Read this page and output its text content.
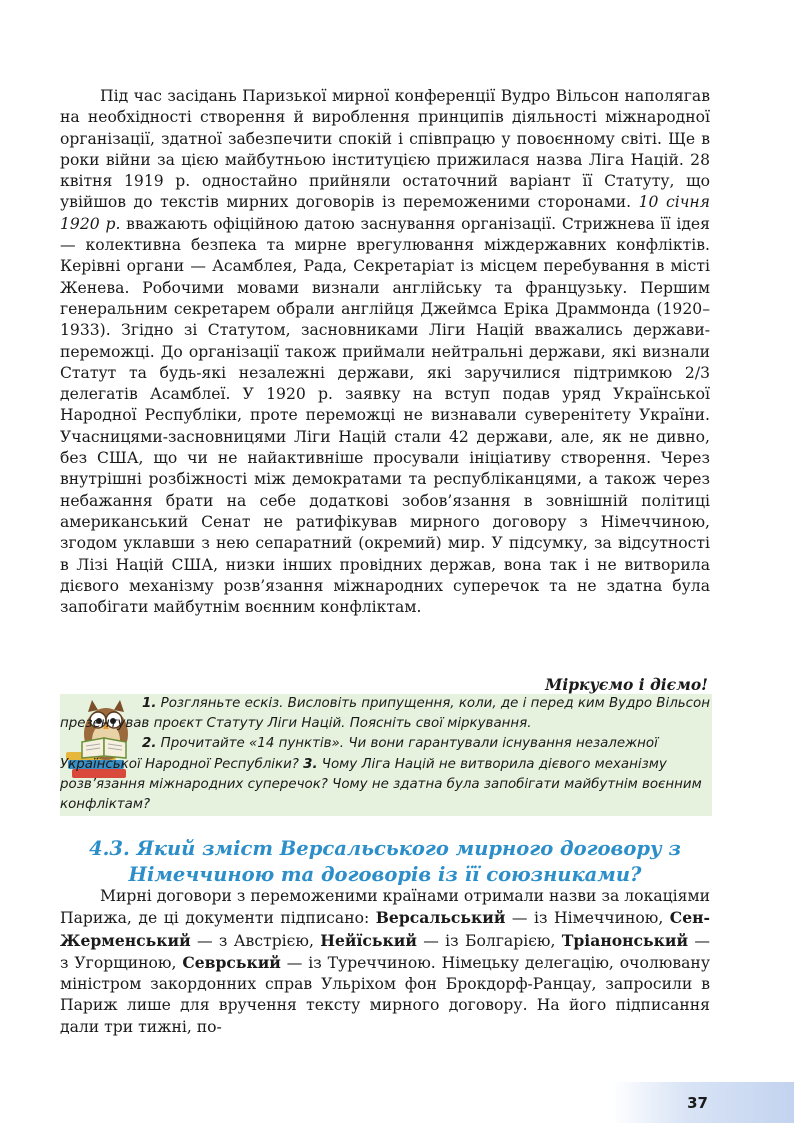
Під час засідань Паризької мирної конференції Вудро Вільсон наполягав на необхідності створення й вироблення принципів діяльності міжнародної організації, здатної забезпечити спокій і співпрацю у повоєнному світі. Ще в роки війни за цією майбутньою інституцією прижилася назва Ліга Націй. 28 квітня 1919 р. одностайно прийняли остаточний варіант її Статуту, що увійшов до текстів мирних договорів із переможеними сторонами. 10 січня 1920 р. вважають офіційною датою заснування організації. Стрижнева її ідея — колективна безпека та мирне врегулювання міждержавних конфліктів. Керівні органи — Асамблея, Рада, Секретаріат із місцем перебування в місті Женева. Робочими мовами визнали англійську та французьку. Першим генеральним секретарем обрали англійця Джеймса Еріка Драммонда (1920–1933). Згідно зі Статутом, засновниками Ліги Націй вважались держави-переможці. До організації також приймали нейтральні держави, які визнали Статут та будь-які незалежні держави, які заручилися підтримкою 2/3 делегатів Асамблеї. У 1920 р. заявку на вступ подав уряд Української Народної Республіки, проте переможці не визнавали суверенітету України. Учасницями-засновницями Ліги Націй стали 42 держави, але, як не дивно, без США, що чи не найактивніше просували ініціативу створення. Через внутрішні розбіжності між демократами та республіканцями, а також через небажання брати на себе додаткові зобов’язання в зовнішній політиці американський Сенат не ратифікував мирного договору з Німеччиною, згодом уклавши з нею сепаратний (окремий) мир. У підсумку, за відсутності в Лізі Націй США, низки інших провідних держав, вона так і не витворила дієвого механізму розв’язання міжнародних суперечок та не здатна була запобігати майбутнім воєнним конфліктам.

Міркуємо і діємо!
1. Розгляньте ескіз. Висловіть припущення, коли, де і перед ким Вудро Вільсон презентував проєкт Статуту Ліги Націй. Поясніть свої міркування.
2. Прочитайте «14 пунктів». Чи вони гарантували існування незалежної Української Народної Республіки? 3. Чому Ліга Націй не витворила дієвого механізму розв’язання міжнародних суперечок? Чому не здатна була запобігати майбутнім воєнним конфліктам?
4.3. Який зміст Версальського мирного договору з Німеччиною та договорів із її союзниками?

Мирні договори з переможеними країнами отримали назви за локаціями Парижа, де ці документи підписано: Версальський — із Німеччиною, Сен-Жерменський — з Австрією, Нейїський — із Болгарією, Тріанонський — з Угорщиною, Севрський — із Туреччиною. Німецьку делегацію, очолювану міністром закордонних справ Ульріхом фон Брокдорф-Ранцау, запросили в Париж лише для вручення тексту мирного договору. На його підписання дали три тижні, по-

37
